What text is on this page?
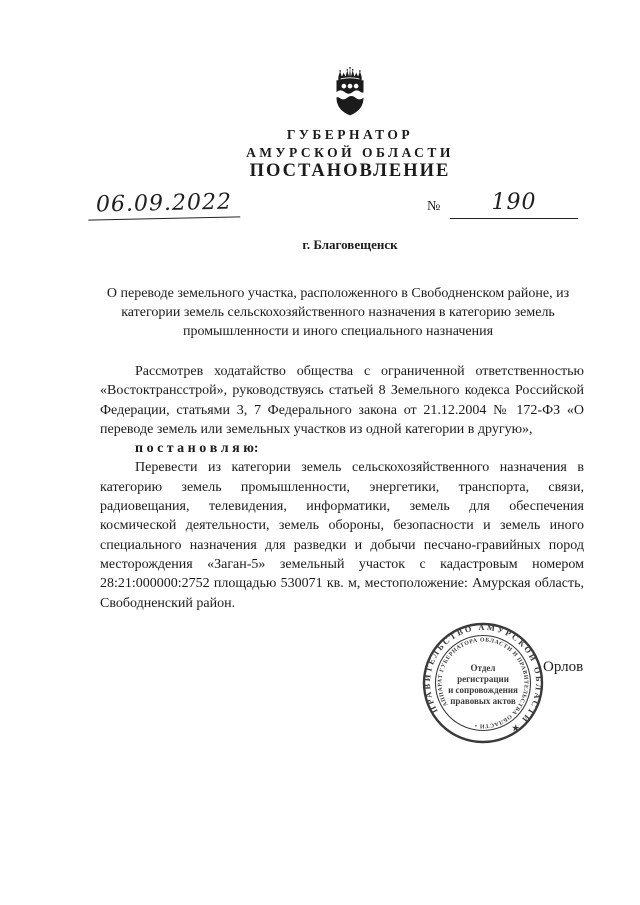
ГУБЕРНАТОР
АМУРСКОЙ ОБЛАСТИ
ПОСТАНОВЛЕНИЕ
06.09.2022	№	190
г. Благовещенск
О переводе земельного участка, расположенного в Свободненском районе, из категории земель сельскохозяйственного назначения в категорию земель промышленности и иного специального назначения

Рассмотрев ходатайство общества с ограниченной ответственностью «Востоктрансстрой», руководствуясь статьей 8 Земельного кодекса Российской Федерации, статьями 3, 7 Федерального закона от 21.12.2004 № 172-ФЗ «О переводе земель или земельных участков из одной категории в другую»,

п о с т а н о в л я ю:

Перевести из категории земель сельскохозяйственного назначения в категорию земель промышленности, энергетики, транспорта, связи, радиовещания, телевидения, информатики, земель для обеспечения космической деятельности, земель обороны, безопасности и земель иного специального назначения для разведки и добычи песчано-гравийных пород месторождения «Заган-5» земельный участок с кадастровым номером 28:21:000000:2752 площадью 530071 кв. м, местоположение: Амурская область, Свободненский район.

ПРАВИТЕЛЬСТВО АМУРСКОЙ ОБЛАСТИ ★
АППАРАТ ГУБЕРНАТОРА ОБЛАСТИ И ПРАВИТЕЛЬСТВА ОБЛАСТИ •
Отдел
регистрации
и сопровождения
правовых актов
Орлов
